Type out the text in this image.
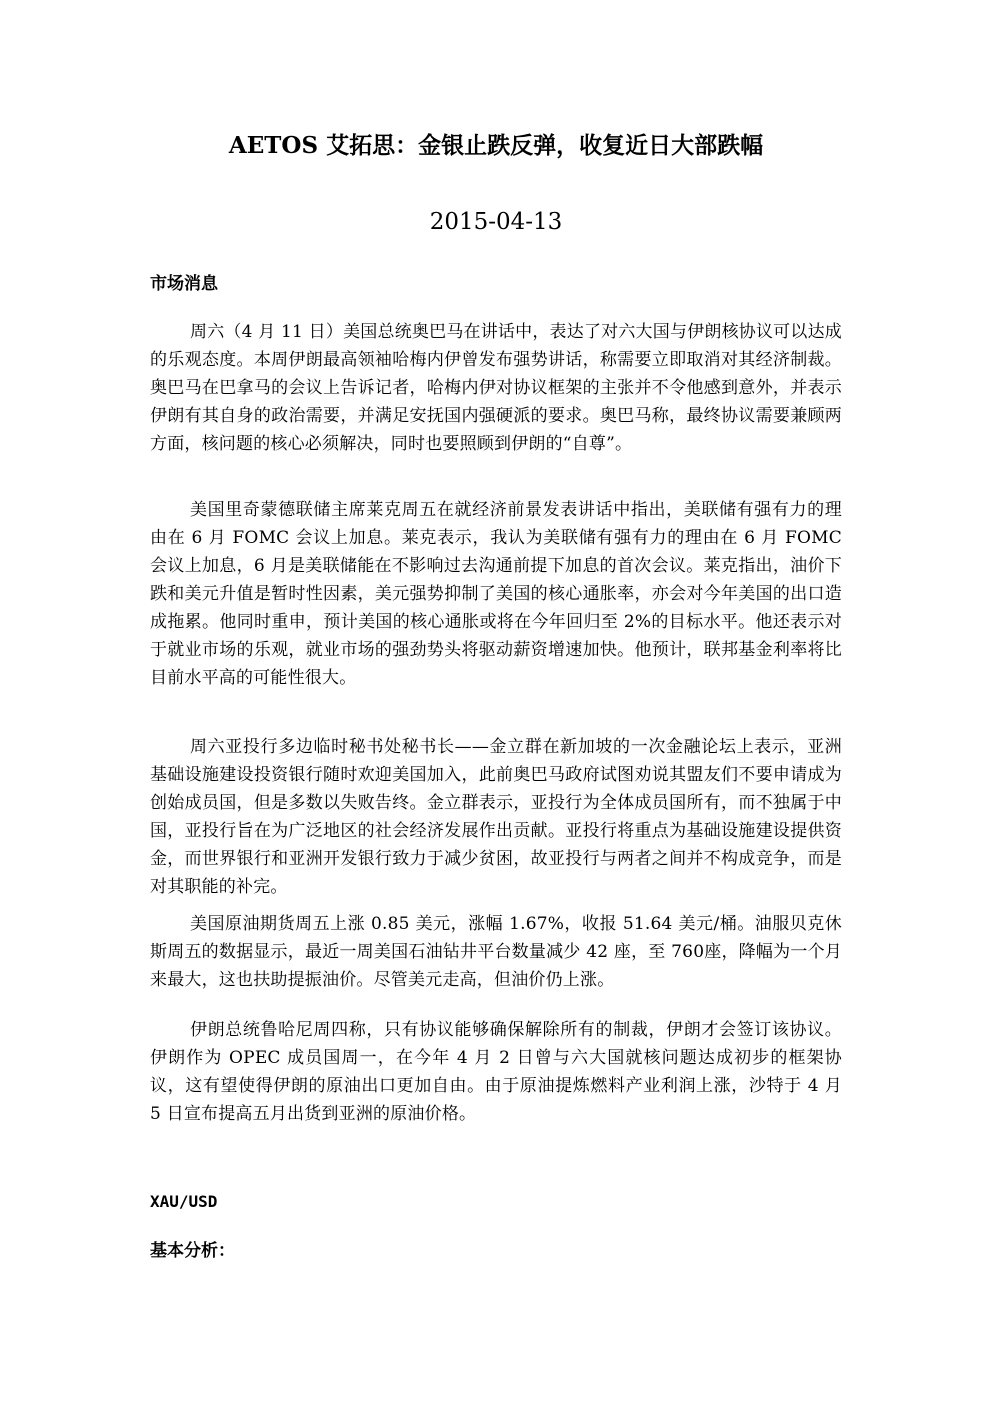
AETOS 艾拓思：金银止跌反弹，收复近日大部跌幅
2015-04-13
市场消息

周六（4 月 11 日）美国总统奥巴马在讲话中，表达了对六大国与伊朗核协议可以达成的乐观态度。本周伊朗最高领袖哈梅内伊曾发布强势讲话，称需要立即取消对其经济制裁。奥巴马在巴拿马的会议上告诉记者，哈梅内伊对协议框架的主张并不令他感到意外，并表示伊朗有其自身的政治需要，并满足安抚国内强硬派的要求。奥巴马称，最终协议需要兼顾两方面，核问题的核心必须解决，同时也要照顾到伊朗的“自尊”。

美国里奇蒙德联储主席莱克周五在就经济前景发表讲话中指出，美联储有强有力的理由在 6 月 FOMC 会议上加息。莱克表示，我认为美联储有强有力的理由在 6 月 FOMC 会议上加息，6 月是美联储能在不影响过去沟通前提下加息的首次会议。莱克指出，油价下跌和美元升值是暂时性因素，美元强势抑制了美国的核心通胀率，亦会对今年美国的出口造成拖累。他同时重申，预计美国的核心通胀或将在今年回归至 2%的目标水平。他还表示对于就业市场的乐观，就业市场的强劲势头将驱动薪资增速加快。他预计，联邦基金利率将比目前水平高的可能性很大。

周六亚投行多边临时秘书处秘书长——金立群在新加坡的一次金融论坛上表示，亚洲基础设施建设投资银行随时欢迎美国加入，此前奥巴马政府试图劝说其盟友们不要申请成为创始成员国，但是多数以失败告终。金立群表示，亚投行为全体成员国所有，而不独属于中国，亚投行旨在为广泛地区的社会经济发展作出贡献。亚投行将重点为基础设施建设提供资金，而世界银行和亚洲开发银行致力于减少贫困，故亚投行与两者之间并不构成竞争，而是对其职能的补完。

美国原油期货周五上涨 0.85 美元，涨幅 1.67%，收报 51.64 美元/桶。油服贝克休斯周五的数据显示，最近一周美国石油钻井平台数量减少 42 座，至 760座，降幅为一个月来最大，这也扶助提振油价。尽管美元走高，但油价仍上涨。

伊朗总统鲁哈尼周四称，只有协议能够确保解除所有的制裁，伊朗才会签订该协议。伊朗作为 OPEC 成员国周一，在今年 4 月 2 日曾与六大国就核问题达成初步的框架协议，这有望使得伊朗的原油出口更加自由。由于原油提炼燃料产业利润上涨，沙特于 4 月 5 日宣布提高五月出货到亚洲的原油价格。

XAU/USD
基本分析：
